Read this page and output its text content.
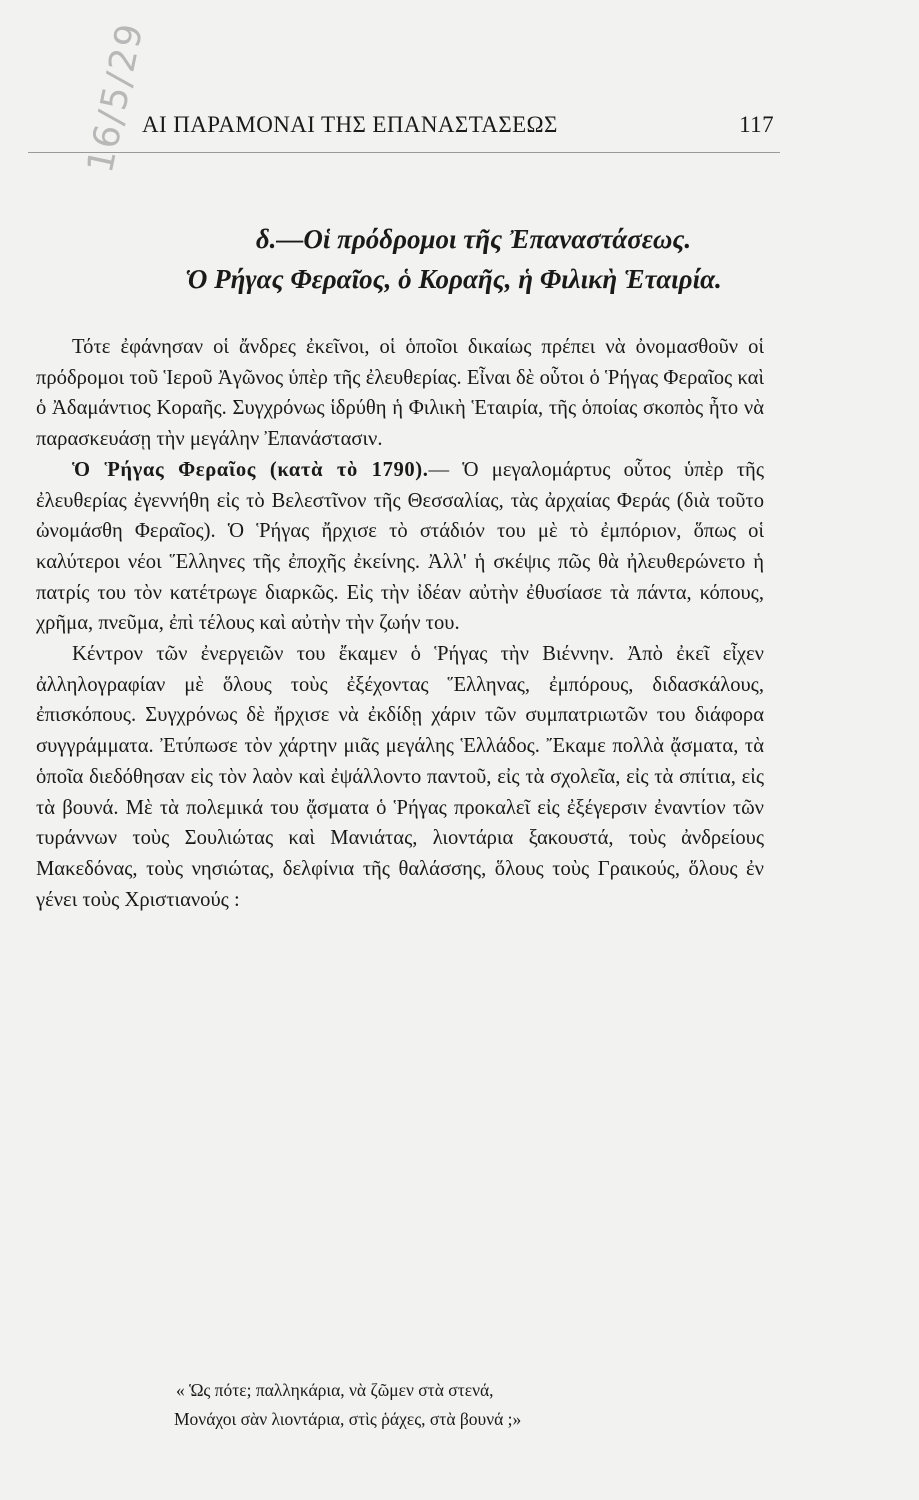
ΑΙ ΠΑΡΑΜΟΝΑΙ ΤΗΣ ΕΠΑΝΑΣΤΑΣΕΩΣ	117
16/5/29
δ.—Οἱ πρόδρομοι τῆς Ἐπαναστάσεως.
Ὁ Ρήγας Φεραῖος, ὁ Κοραῆς, ἡ Φιλικὴ Ἑταιρία.

Τότε ἐφάνησαν οἱ ἄνδρες ἐκεῖνοι, οἱ ὁποῖοι δικαίως πρέπει νὰ ὀνομασθοῦν οἱ πρόδρομοι τοῦ Ἱεροῦ Ἀγῶνος ὑπὲρ τῆς ἐλευθερίας. Εἶναι δὲ οὗτοι ὁ Ῥήγας Φεραῖος καὶ ὁ Ἀδαμάντιος Κοραῆς. Συγχρόνως ἱδρύθη ἡ Φιλικὴ Ἑταιρία, τῆς ὁποίας σκοπὸς ἦτο νὰ παρασκευάσῃ τὴν μεγάλην Ἐπανάστασιν.

Ὁ Ῥήγας Φεραῖος (κατὰ τὸ 1790).— Ὁ μεγαλομάρτυς οὗτος ὑπὲρ τῆς ἐλευθερίας ἐγεννήθη εἰς τὸ Βελεστῖνον τῆς Θεσσαλίας, τὰς ἀρχαίας Φεράς (διὰ τοῦτο ὠνομάσθη Φεραῖος). Ὁ Ῥήγας ἤρχισε τὸ στάδιόν του μὲ τὸ ἐμπόριον, ὅπως οἱ καλύτεροι νέοι Ἕλληνες τῆς ἐποχῆς ἐκείνης. Ἀλλ' ἡ σκέψις πῶς θὰ ἠλευθερώνετο ἡ πατρίς του τὸν κατέτρωγε διαρκῶς. Εἰς τὴν ἰδέαν αὐτὴν ἐθυσίασε τὰ πάντα, κόπους, χρῆμα, πνεῦμα, ἐπὶ τέλους καὶ αὐτὴν τὴν ζωήν του.

Κέντρον τῶν ἐνεργειῶν του ἔκαμεν ὁ Ῥήγας τὴν Βιέννην. Ἀπὸ ἐκεῖ εἶχεν ἀλληλογραφίαν μὲ ὅλους τοὺς ἐξέχοντας Ἕλληνας, ἐμπόρους, διδασκάλους, ἐπισκόπους. Συγχρόνως δὲ ἤρχισε νὰ ἐκδίδῃ χάριν τῶν συμπατριωτῶν του διάφορα συγγράμματα. Ἐτύπωσε τὸν χάρτην μιᾶς μεγάλης Ἑλλάδος. Ἔκαμε πολλὰ ᾄσματα, τὰ ὁποῖα διεδόθησαν εἰς τὸν λαὸν καὶ ἐψάλλοντο παντοῦ, εἰς τὰ σχολεῖα, εἰς τὰ σπίτια, εἰς τὰ βουνά. Μὲ τὰ πολεμικά του ᾄσματα ὁ Ῥήγας προκαλεῖ εἰς ἐξέγερσιν ἐναντίον τῶν τυράννων τοὺς Σουλιώτας καὶ Μανιάτας, λιοντάρια ξακουστά, τοὺς ἀνδρείους Μακεδόνας, τοὺς νησιώτας, δελφίνια τῆς θαλάσσης, ὅλους τοὺς Γραικούς, ὅλους ἐν γένει τοὺς Χριστιανούς :

« Ὡς πότε; παλληκάρια, νὰ ζῶμεν στὰ στενά,
Μονάχοι σὰν λιοντάρια, στὶς ῥάχες, στὰ βουνά ;»
